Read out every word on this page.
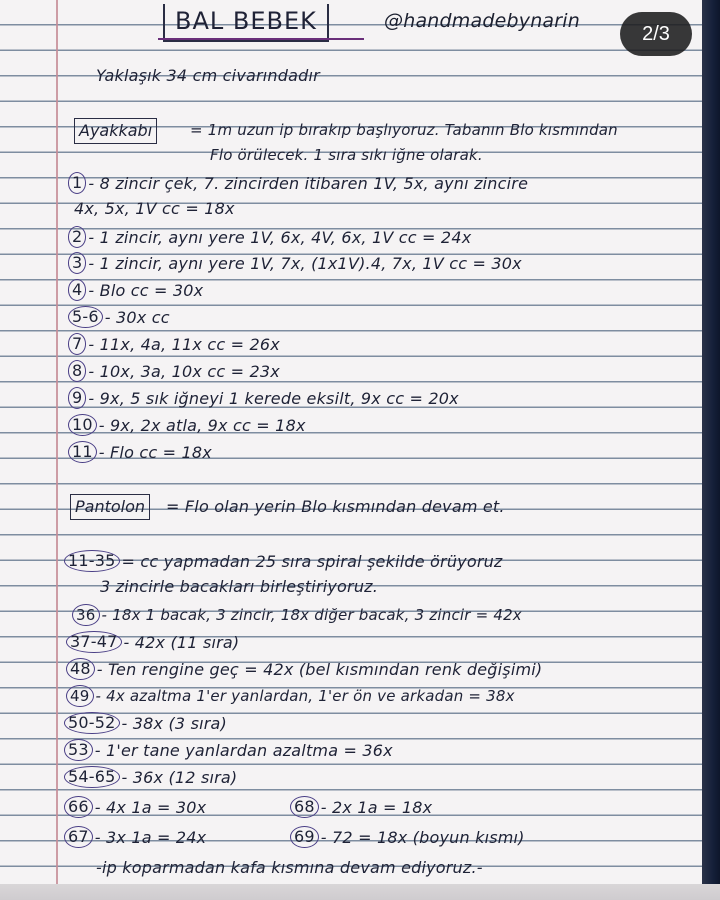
BAL BEBEK	@handmadebynarin
Yaklaşık 34 cm civarındadır
Ayakkabı	= 1m uzun ip bırakıp başlıyoruz. Tabanın Blo kısmından
Flo örülecek. 1 sıra sıkı iğne olarak.
1 - 8 zincir çek, 7. zincirden itibaren 1V, 5x, aynı zincire
4x, 5x, 1V cc = 18x
2 - 1 zincir, aynı yere 1V, 6x, 4V, 6x, 1V cc = 24x
3 - 1 zincir, aynı yere 1V, 7x, (1x1V).4, 7x, 1V cc = 30x
4 - Blo cc = 30x
5-6 - 30x cc
7 - 11x, 4a, 11x cc = 26x
8 - 10x, 3a, 10x cc = 23x
9 - 9x, 5 sık iğneyi 1 kerede eksilt, 9x cc = 20x
10 - 9x, 2x atla, 9x cc = 18x
11 - Flo cc = 18x
Pantolon	= Flo olan yerin Blo kısmından devam et.
11-35 = cc yapmadan 25 sıra spiral şekilde örüyoruz
3 zincirle bacakları birleştiriyoruz.
36 - 18x 1 bacak, 3 zincir, 18x diğer bacak, 3 zincir = 42x
37-47 - 42x (11 sıra)
48 - Ten rengine geç = 42x (bel kısmından renk değişimi)
49 - 4x azaltma 1'er yanlardan, 1'er ön ve arkadan = 38x
50-52 - 38x (3 sıra)
53 - 1'er tane yanlardan azaltma = 36x
54-65 - 36x (12 sıra)
66 - 4x 1a = 30x	68 - 2x 1a = 18x
67 - 3x 1a = 24x	69 - 72 = 18x (boyun kısmı)
-ip koparmadan kafa kısmına devam ediyoruz.-
2/3
